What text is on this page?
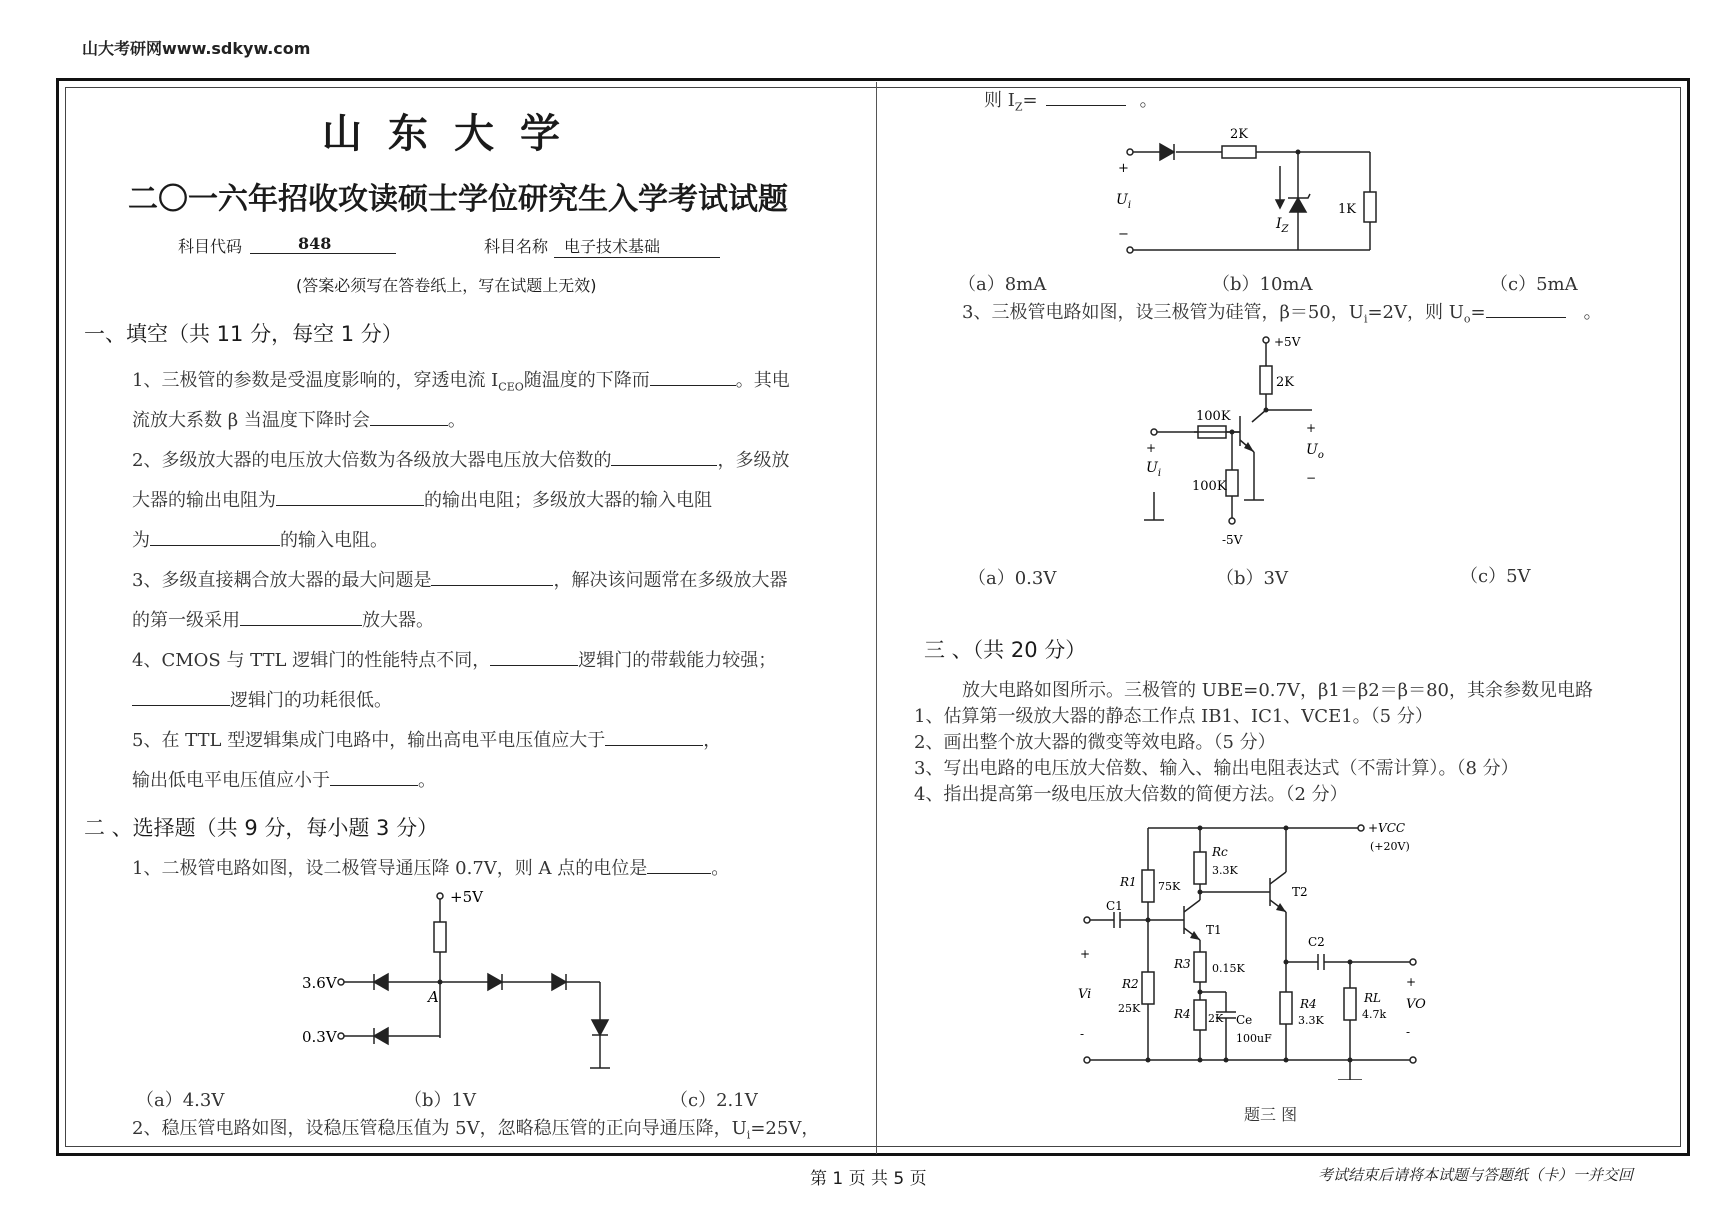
山大考研网www.sdkyw.com
山东大学
二〇一六年招收攻读硕士学位研究生入学考试试题
科目代码	848	科目名称 电子技术基础
(答案必须写在答卷纸上，写在试题上无效)
一、填空（共 11 分，每空 1 分）
1、三极管的参数是受温度影响的，穿透电流 $I_{CEO}$随温度的下降而	。其电
流放大系数 β 当温度下降时会	。
2、多级放大器的电压放大倍数为各级放大器电压放大倍数的	，多级放
大器的输出电阻为	的输出电阻；多级放大器的输入电阻
为	的输入电阻。
3、多级直接耦合放大器的最大问题是	，解决该问题常在多级放大器
的第一级采用	放大器。
4、CMOS 与 TTL 逻辑门的性能特点不同，	逻辑门的带载能力较强；
逻辑门的功耗很低。
5、在 TTL 型逻辑集成门电路中，输出高电平电压值应大于	，
输出低电平电压值应小于	。
二 、选择题（共 9 分，每小题 3 分）
1、二极管电路如图，设二极管导通压降 0.7V，则 A 点的电位是	。
+5V
3.6V
0.3V
A
（a）4.3V	（b）1V	（c）2.1V
2、稳压管电路如图，设稳压管稳压值为 5V，忽略稳压管的正向导通压降，$U_i=25V$，
则 $I_Z=$	。
2K
1K
+
−
$U_i$
$I_Z$
（a）8mA	（b）10mA	（c）5mA
3、三极管电路如图，设三极管为硅管，β＝50，$U_i=2V$，则 $U_o=$	。
+5V
2K
100K
100K
-5V
+
$U_i$
+
$U_o$
−
（a）0.3V	（b）3V	（c）5V
三 、（共 20 分）
放大电路如图所示。三极管的 UBE=0.7V，β1＝β2＝β＝80，其余参数见电路
1、估算第一级放大器的静态工作点 IB1、IC1、VCE1。（5 分）
2、画出整个放大器的微变等效电路。（5 分）
3、写出电路的电压放大倍数、输入、输出电阻表达式（不需计算）。（8 分）
4、指出提高第一级电压放大倍数的简便方法。（2 分）
+VCC
(+20V)
R1 75K
Rc
3.3K
C1
T1
T2
R2
25K
R3 0.15K
R4 2K Ce
100uF
R4
3.3K
C2
RL
4.7k
+
Vi
-
+
VO
-
题三 图
第 1 页 共 5 页	考试结束后请将本试题与答题纸（卡）一并交回
